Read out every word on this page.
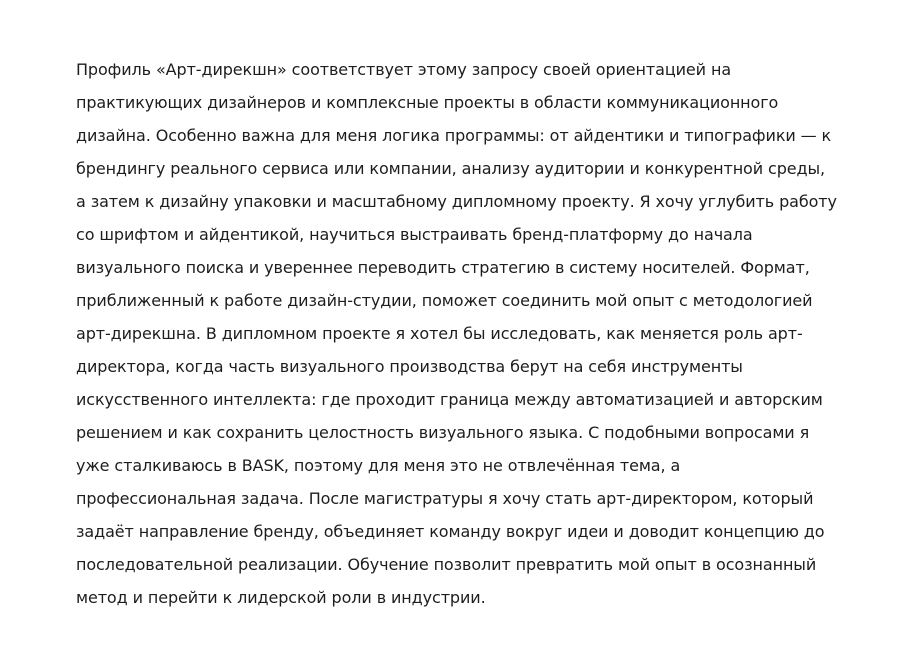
Профиль «Арт-дирекшн» соответствует этому запросу своей ориентацией на
практикующих дизайнеров и комплексные проекты в области коммуникационного
дизайна. Особенно важна для меня логика программы: от айдентики и типографики — к
брендингу реального сервиса или компании, анализу аудитории и конкурентной среды,
а затем к дизайну упаковки и масштабному дипломному проекту. Я хочу углубить работу
со шрифтом и айдентикой, научиться выстраивать бренд-платформу до начала
визуального поиска и увереннее переводить стратегию в систему носителей. Формат,
приближенный к работе дизайн-студии, поможет соединить мой опыт с методологией
арт-дирекшна. В дипломном проекте я хотел бы исследовать, как меняется роль арт-
директора, когда часть визуального производства берут на себя инструменты
искусственного интеллекта: где проходит граница между автоматизацией и авторским
решением и как сохранить целостность визуального языка. С подобными вопросами я
уже сталкиваюсь в BASK, поэтому для меня это не отвлечённая тема, а
профессиональная задача. После магистратуры я хочу стать арт-директором, который
задаёт направление бренду, объединяет команду вокруг идеи и доводит концепцию до
последовательной реализации. Обучение позволит превратить мой опыт в осознанный
метод и перейти к лидерской роли в индустрии.
